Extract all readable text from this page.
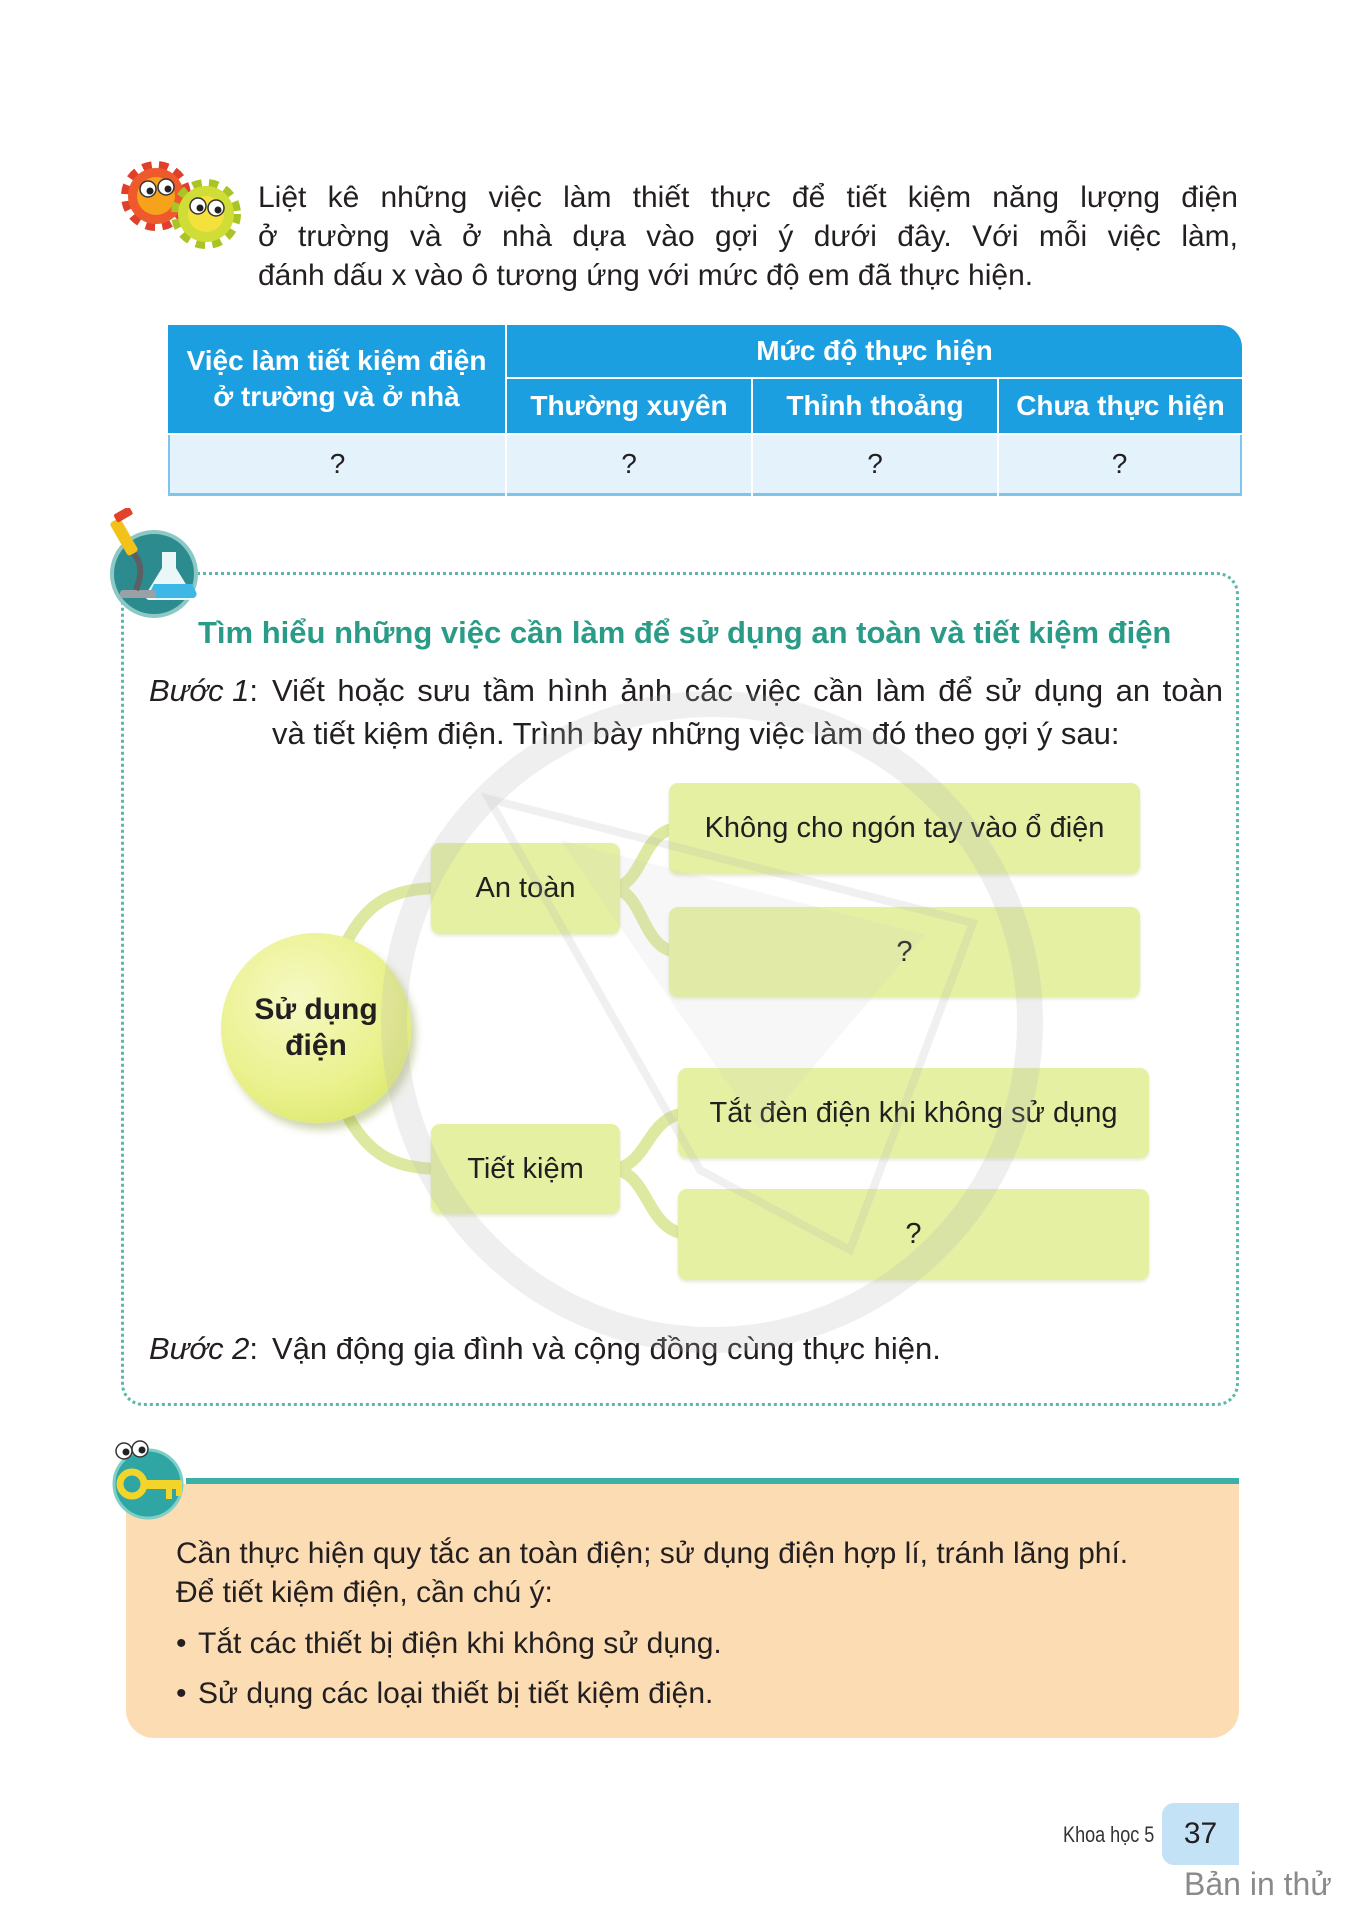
Liệt kê những việc làm thiết thực để tiết kiệm năng lượng điện
ở trường và ở nhà dựa vào gợi ý dưới đây. Với mỗi việc làm,
đánh dấu x vào ô tương ứng với mức độ em đã thực hiện.
Việc làm tiết kiệm điện
ở trường và ở nhà
Mức độ thực hiện
Thường xuyên	Thỉnh thoảng	Chưa thực hiện
?	?	?	?
Tìm hiểu những việc cần làm để sử dụng an toàn và tiết kiệm điện
Bước 1: Viết hoặc sưu tầm hình ảnh các việc cần làm để sử dụng an toàn
và tiết kiệm điện. Trình bày những việc làm đó theo gợi ý sau:
Sử dụng điện
An toàn
Tiết kiệm
Không cho ngón tay vào ổ điện
?
Tắt đèn điện khi không sử dụng
?
Bước 2: Vận động gia đình và cộng đồng cùng thực hiện.
Cần thực hiện quy tắc an toàn điện; sử dụng điện hợp lí, tránh lãng phí.
Để tiết kiệm điện, cần chú ý:
• Tắt các thiết bị điện khi không sử dụng.
• Sử dụng các loại thiết bị tiết kiệm điện.
Khoa học 5 37
Bản in thử
